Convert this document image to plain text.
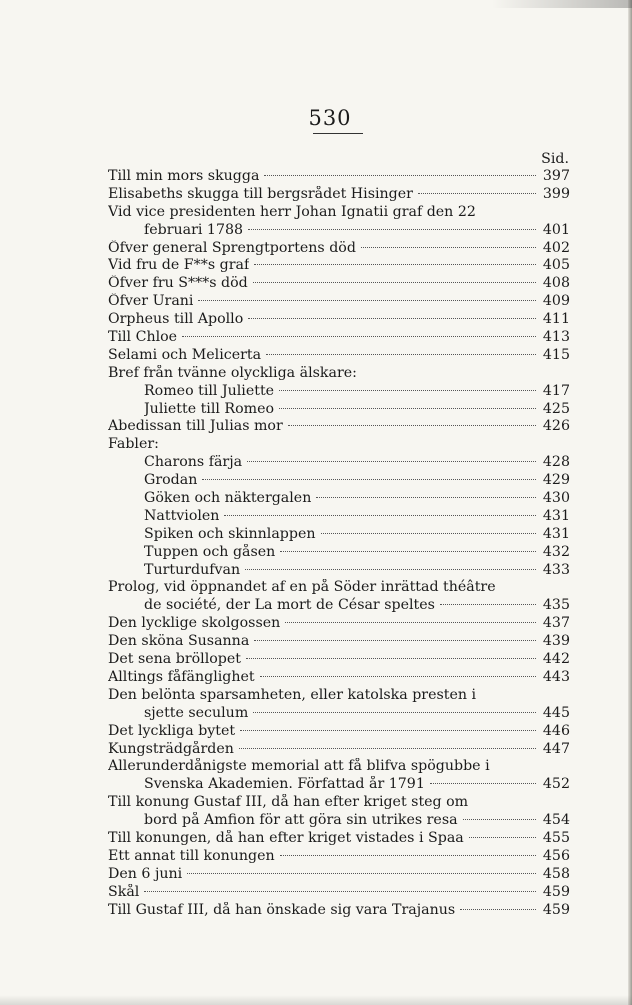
530
Sid.
Till min mors skugga	397
Elisabeths skugga till bergsrådet Hisinger	399
Vid vice presidenten herr Johan Ignatii graf den 22
februari 1788	401
Öfver general Sprengtportens död	402
Vid fru de F**s graf	405
Öfver fru S***s död	408
Öfver Urani	409
Orpheus till Apollo	411
Till Chloe	413
Selami och Melicerta	415
Bref från tvänne olyckliga älskare:
Romeo till Juliette	417
Juliette till Romeo	425
Abedissan till Julias mor	426
Fabler:
Charons färja	428
Grodan	429
Göken och näktergalen	430
Nattviolen	431
Spiken och skinnlappen	431
Tuppen och gåsen	432
Turturdufvan	433
Prolog, vid öppnandet af en på Söder inrättad théâtre
de société, der La mort de César speltes	435
Den lycklige skolgossen	437
Den sköna Susanna	439
Det sena bröllopet	442
Alltings fåfänglighet	443
Den belönta sparsamheten, eller katolska presten i
sjette seculum	445
Det lyckliga bytet	446
Kungsträdgården	447
Allerunderdånigste memorial att få blifva spögubbe i
Svenska Akademien. Författad år 1791	452
Till konung Gustaf III, då han efter kriget steg om
bord på Amfion för att göra sin utrikes resa	454
Till konungen, då han efter kriget vistades i Spaa	455
Ett annat till konungen	456
Den 6 juni	458
Skål	459
Till Gustaf III, då han önskade sig vara Trajanus	459
